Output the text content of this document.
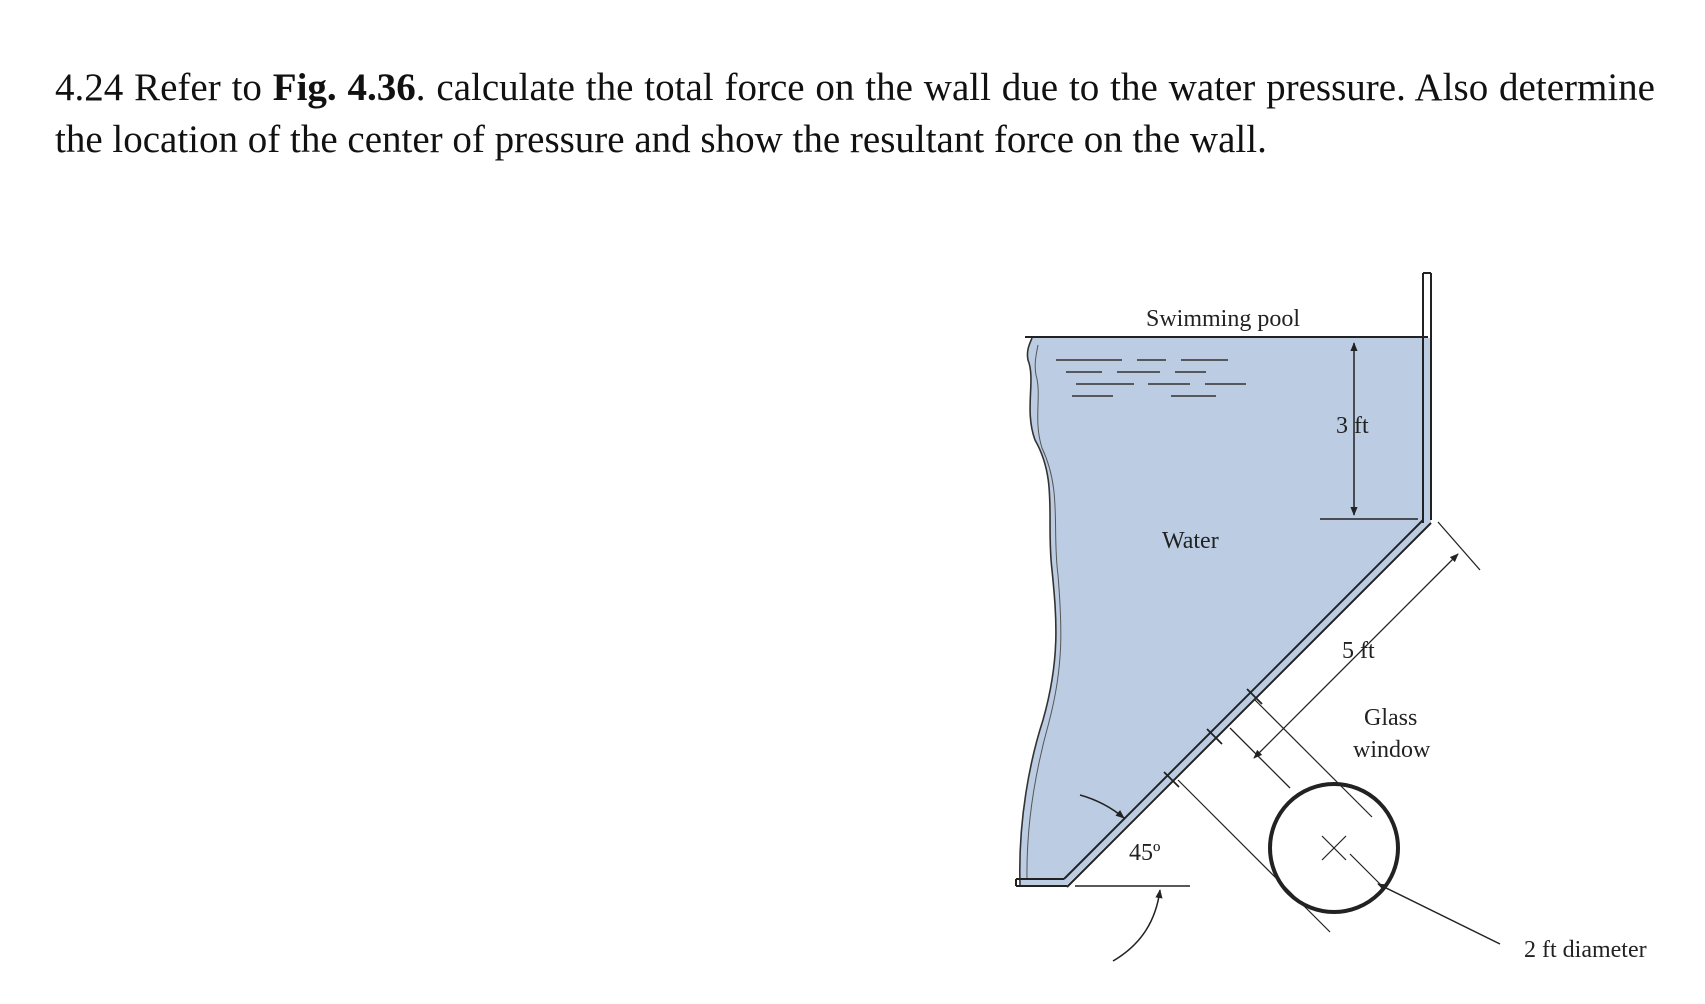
4.24 Refer to Fig. 4.36. calculate the total force on the wall due to the water pressure. Also determine the location of the center of pressure and show the resultant force on the wall.

Swimming pool
Water
3 ft
5 ft
Glass
window
45º
2 ft diameter
